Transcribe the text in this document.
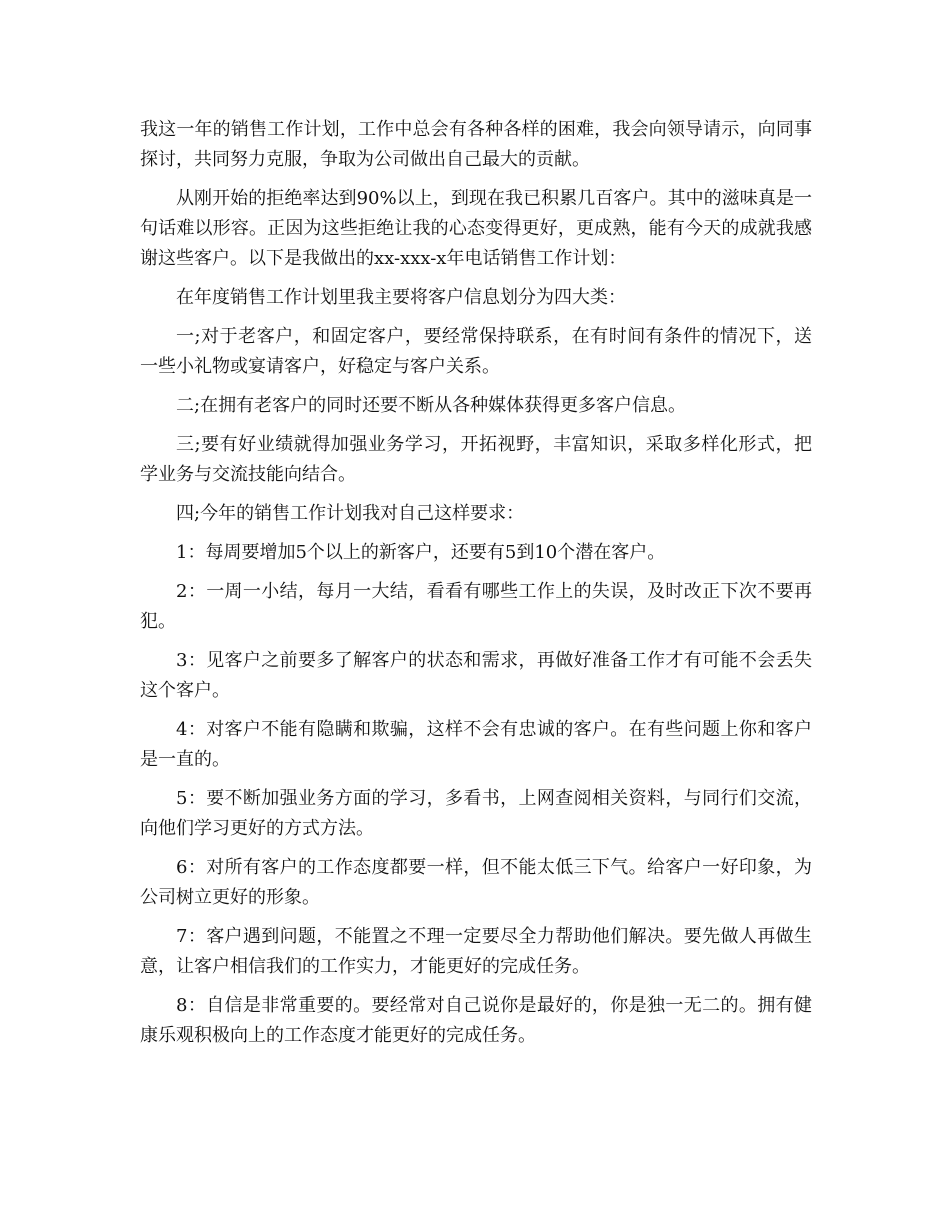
我这一年的销售工作计划，工作中总会有各种各样的困难，我会向领导请示，向同事探讨，共同努力克服，争取为公司做出自己最大的贡献。

从刚开始的拒绝率达到90%以上，到现在我已积累几百客户。其中的滋味真是一句话难以形容。正因为这些拒绝让我的心态变得更好，更成熟，能有今天的成就我感谢这些客户。以下是我做出的xx-xxx-x年电话销售工作计划：

在年度销售工作计划里我主要将客户信息划分为四大类：

一;对于老客户，和固定客户，要经常保持联系，在有时间有条件的情况下，送一些小礼物或宴请客户，好稳定与客户关系。

二;在拥有老客户的同时还要不断从各种媒体获得更多客户信息。

三;要有好业绩就得加强业务学习，开拓视野，丰富知识，采取多样化形式，把学业务与交流技能向结合。

四;今年的销售工作计划我对自己这样要求：

1：每周要增加5个以上的新客户，还要有5到10个潜在客户。

2：一周一小结，每月一大结，看看有哪些工作上的失误，及时改正下次不要再犯。

3：见客户之前要多了解客户的状态和需求，再做好准备工作才有可能不会丢失这个客户。

4：对客户不能有隐瞒和欺骗，这样不会有忠诚的客户。在有些问题上你和客户是一直的。

5：要不断加强业务方面的学习，多看书，上网查阅相关资料，与同行们交流，向他们学习更好的方式方法。

6：对所有客户的工作态度都要一样，但不能太低三下气。给客户一好印象，为公司树立更好的形象。

7：客户遇到问题，不能置之不理一定要尽全力帮助他们解决。要先做人再做生意，让客户相信我们的工作实力，才能更好的完成任务。

8：自信是非常重要的。要经常对自己说你是最好的，你是独一无二的。拥有健康乐观积极向上的工作态度才能更好的完成任务。
